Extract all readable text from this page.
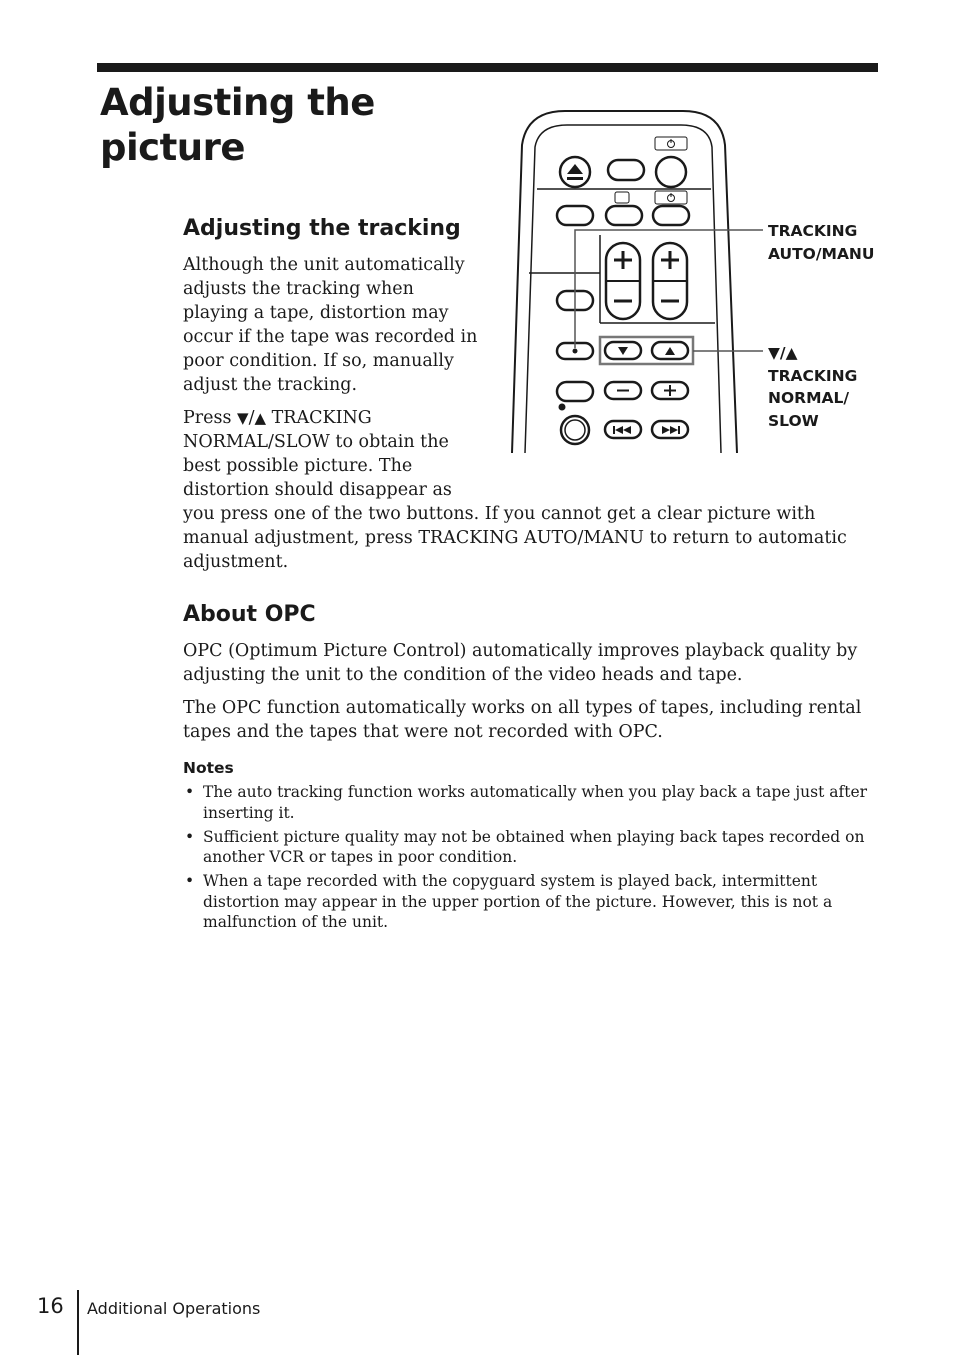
Adjusting the picture
Adjusting the tracking

Although the unit automatically adjusts the tracking when playing a tape, distortion may occur if the tape was recorded in poor condition. If so, manually adjust the tracking.

Press ▼/▲ TRACKING
NORMAL/SLOW to obtain the
best possible picture. The
distortion should disappear as

you press one of the two buttons. If you cannot get a clear picture with manual adjustment, press TRACKING AUTO/MANU to return to automatic adjustment.

About OPC

OPC (Optimum Picture Control) automatically improves playback quality by adjusting the unit to the condition of the video heads and tape.

The OPC function automatically works on all types of tapes, including rental tapes and the tapes that were not recorded with OPC.

Notes
• The auto tracking function works automatically when you play back a tape just after inserting it.
• Sufficient picture quality may not be obtained when playing back tapes recorded on another VCR or tapes in poor condition.
• When a tape recorded with the copyguard system is played back, intermittent distortion may appear in the upper portion of the picture. However, this is not a malfunction of the unit.
TRACKING
AUTO/MANU
▼/▲
TRACKING
NORMAL/
SLOW
16 Additional Operations
